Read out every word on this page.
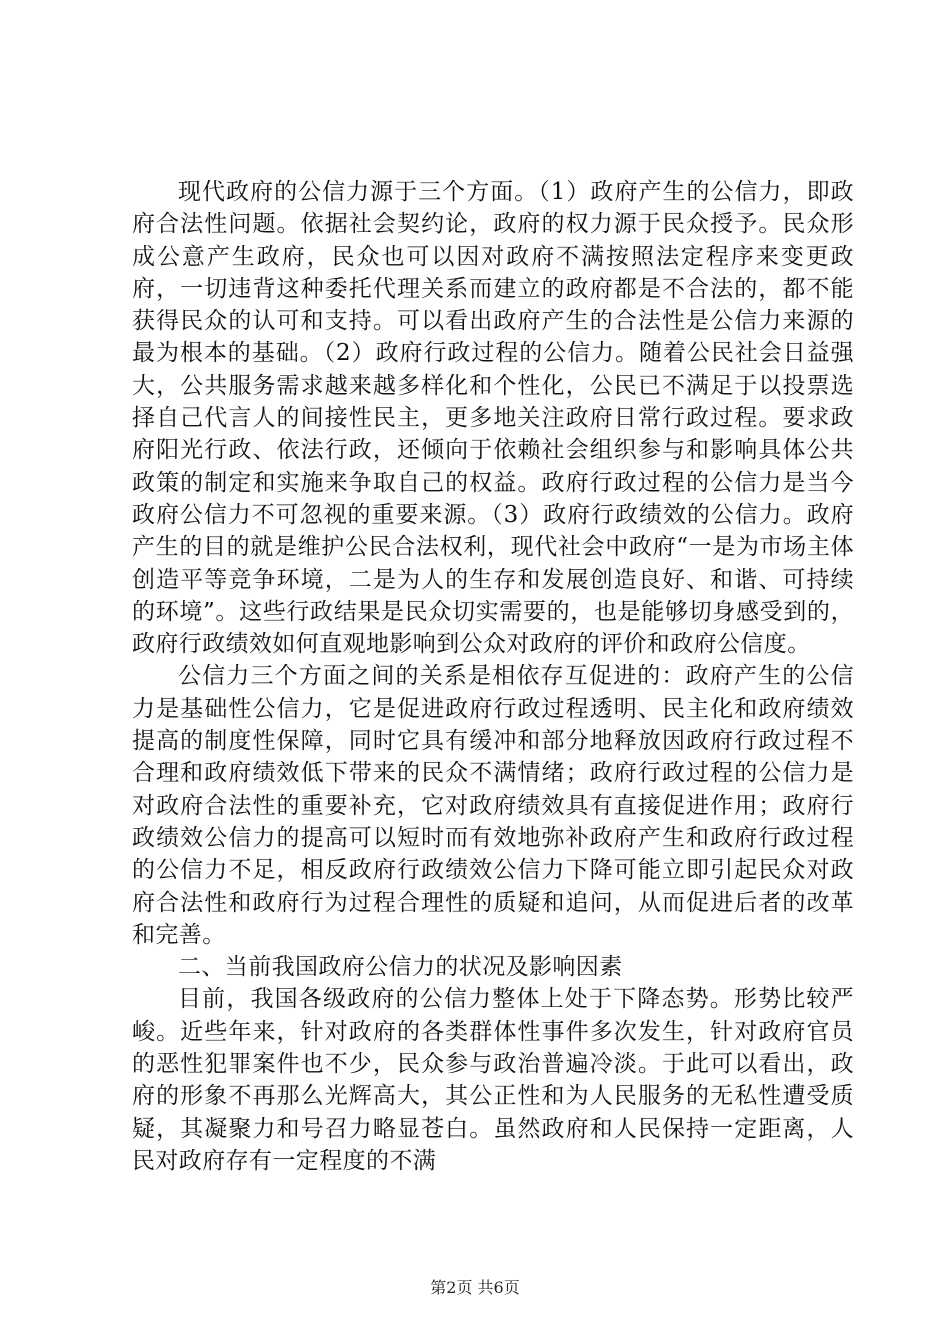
现代政府的公信力源于三个方面。（1）政府产生的公信力，即政府合法性问题。依据社会契约论，政府的权力源于民众授予。民众形成公意产生政府，民众也可以因对政府不满按照法定程序来变更政府，一切违背这种委托代理关系而建立的政府都是不合法的，都不能获得民众的认可和支持。可以看出政府产生的合法性是公信力来源的最为根本的基础。（2）政府行政过程的公信力。随着公民社会日益强大，公共服务需求越来越多样化和个性化，公民已不满足于以投票选择自己代言人的间接性民主，更多地关注政府日常行政过程。要求政府阳光行政、依法行政，还倾向于依赖社会组织参与和影响具体公共政策的制定和实施来争取自己的权益。政府行政过程的公信力是当今政府公信力不可忽视的重要来源。（3）政府行政绩效的公信力。政府产生的目的就是维护公民合法权利，现代社会中政府“一是为市场主体创造平等竞争环境，二是为人的生存和发展创造良好、和谐、可持续的环境”。这些行政结果是民众切实需要的，也是能够切身感受到的，政府行政绩效如何直观地影响到公众对政府的评价和政府公信度。

公信力三个方面之间的关系是相依存互促进的：政府产生的公信力是基础性公信力，它是促进政府行政过程透明、民主化和政府绩效提高的制度性保障，同时它具有缓冲和部分地释放因政府行政过程不合理和政府绩效低下带来的民众不满情绪；政府行政过程的公信力是对政府合法性的重要补充，它对政府绩效具有直接促进作用；政府行政绩效公信力的提高可以短时而有效地弥补政府产生和政府行政过程的公信力不足，相反政府行政绩效公信力下降可能立即引起民众对政府合法性和政府行为过程合理性的质疑和追问，从而促进后者的改革和完善。

二、当前我国政府公信力的状况及影响因素

目前，我国各级政府的公信力整体上处于下降态势。形势比较严峻。近些年来，针对政府的各类群体性事件多次发生，针对政府官员的恶性犯罪案件也不少，民众参与政治普遍冷淡。于此可以看出，政府的形象不再那么光辉高大，其公正性和为人民服务的无私性遭受质疑，其凝聚力和号召力略显苍白。虽然政府和人民保持一定距离，人民对政府存有一定程度的不满

第2页 共6页
